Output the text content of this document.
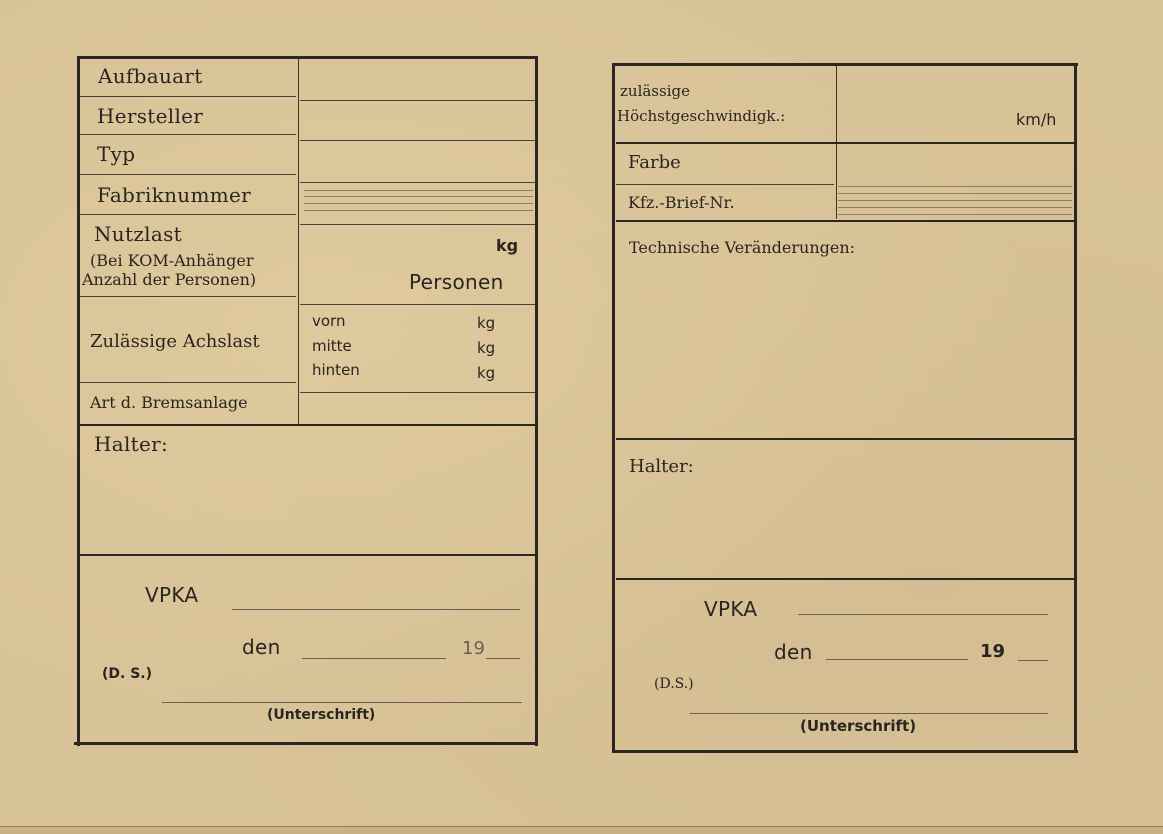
Aufbauart
Hersteller
Typ
Fabriknummer
Nutzlast
(Bei KOM-Anhänger
Anzahl der Personen)
kg
Personen
Zulässige Achslast
vorn	kg
mitte	kg
hinten	kg
Art d. Bremsanlage
Halter:
VPKA
den	19
(D. S.)
(Unterschrift)
zulässige
Höchstgeschwindigk.:	km/h
Farbe
Kfz.-Brief-Nr.
Technische Veränderungen:
Halter:
VPKA
den	19
(D.S.)
(Unterschrift)
